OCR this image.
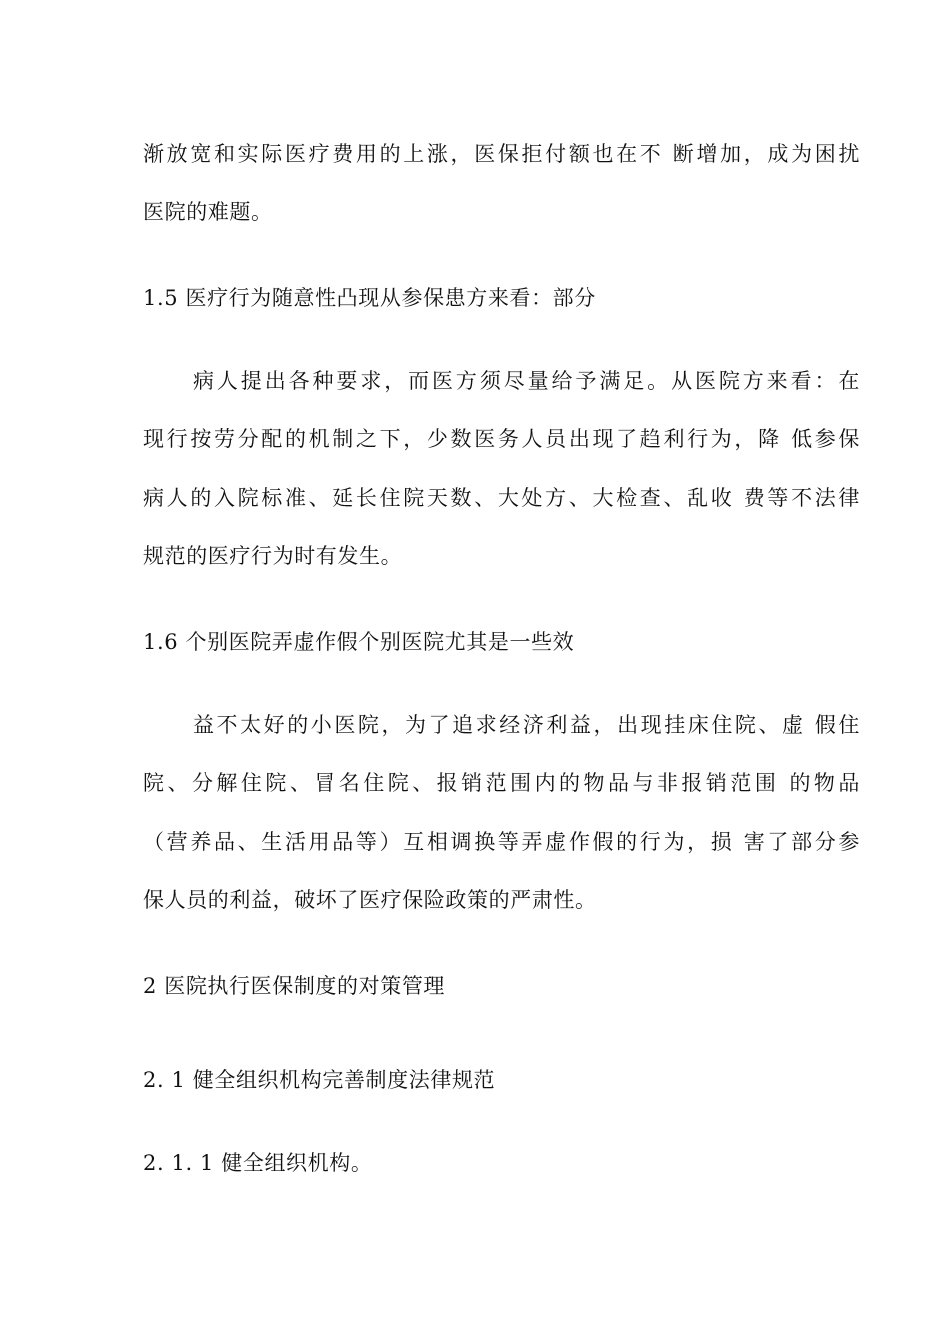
渐放宽和实际医疗费用的上涨，医保拒付额也在不 断增加，成为困扰
医院的难题。
1.5 医疗行为随意性凸现从参保患方来看：部分
病人提出各种要求，而医方须尽量给予满足。从医院方来看：在
现行按劳分配的机制之下，少数医务人员出现了趋利行为，降 低参保
病人的入院标准、延长住院天数、大处方、大检查、乱收 费等不法律
规范的医疗行为时有发生。
1.6 个别医院弄虚作假个别医院尤其是一些效
益不太好的小医院，为了追求经济利益，出现挂床住院、虚 假住
院、分解住院、冒名住院、报销范围内的物品与非报销范围 的物品
（营养品、生活用品等）互相调换等弄虚作假的行为，损 害了部分参
保人员的利益，破坏了医疗保险政策的严肃性。
2 医院执行医保制度的对策管理
2. 1 健全组织机构完善制度法律规范
2. 1. 1 健全组织机构。
